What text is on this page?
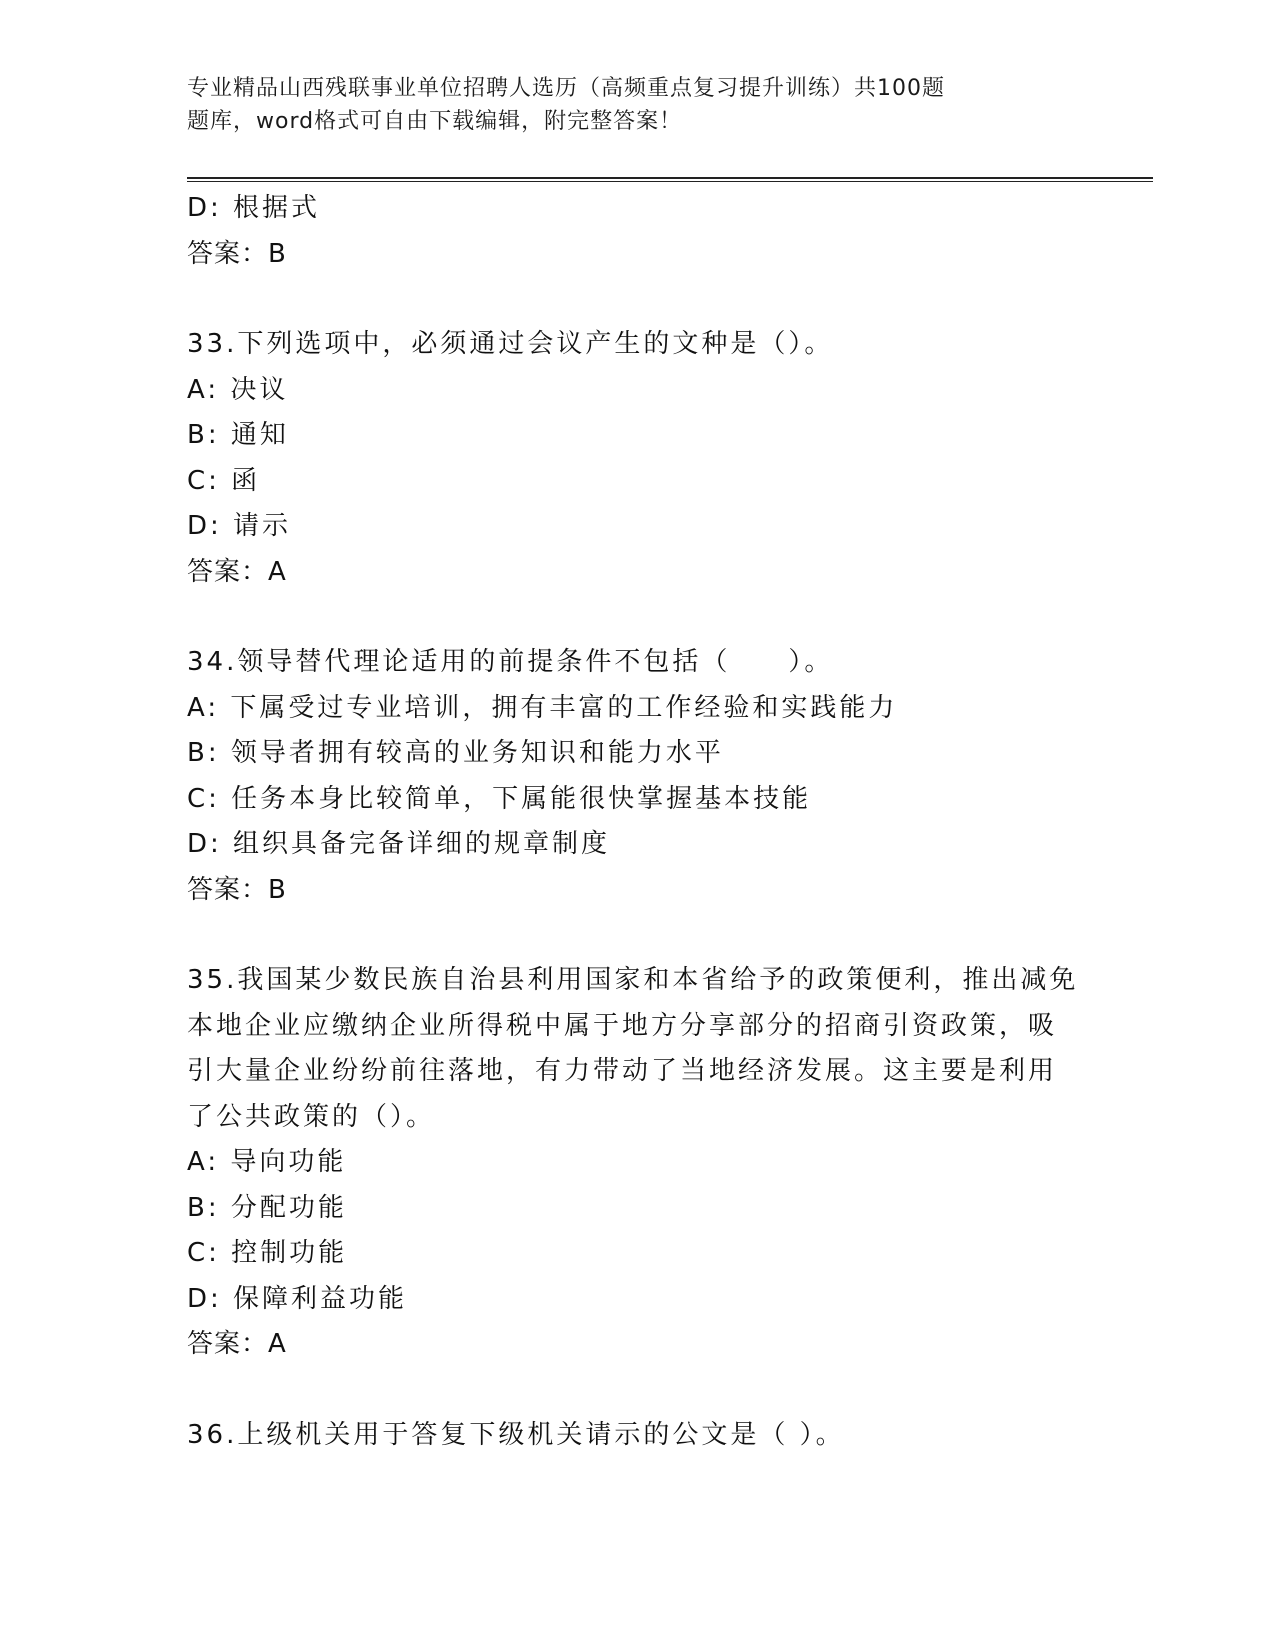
专业精品山西残联事业单位招聘人选历（高频重点复习提升训练）共100题
题库，word格式可自由下载编辑，附完整答案！
D: 根据式
答案：B
33.下列选项中，必须通过会议产生的文种是（）。
A: 决议
B: 通知
C: 函
D: 请示
答案：A
34.领导替代理论适用的前提条件不包括（　　）。
A: 下属受过专业培训，拥有丰富的工作经验和实践能力
B: 领导者拥有较高的业务知识和能力水平
C: 任务本身比较简单，下属能很快掌握基本技能
D: 组织具备完备详细的规章制度
答案：B
35.我国某少数民族自治县利用国家和本省给予的政策便利，推出减免
本地企业应缴纳企业所得税中属于地方分享部分的招商引资政策，吸
引大量企业纷纷前往落地，有力带动了当地经济发展。这主要是利用
了公共政策的（）。
A: 导向功能
B: 分配功能
C: 控制功能
D: 保障利益功能
答案：A
36.上级机关用于答复下级机关请示的公文是（ ）。
